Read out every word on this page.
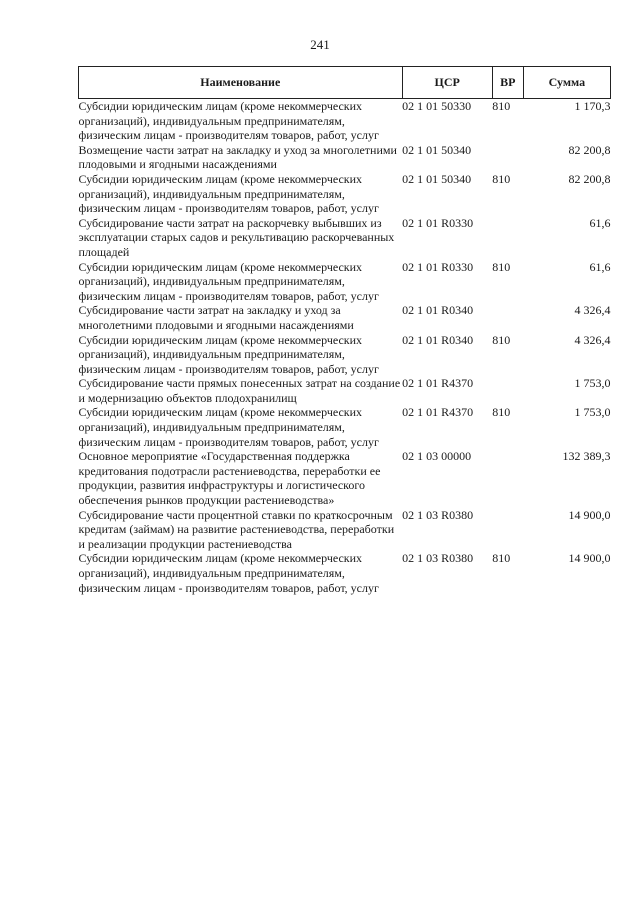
241
Наименование	ЦСР	ВР	Сумма
Субсидии юридическим лицам (кроме некоммерческих организаций), индивидуальным предпринимателям, физическим лицам - производителям товаров, работ, услуг	02 1 01 50330	810	1 170,3
Возмещение части затрат на закладку и уход за многолетними плодовыми и ягодными насаждениями	02 1 01 50340		82 200,8
Субсидии юридическим лицам (кроме некоммерческих организаций), индивидуальным предпринимателям, физическим лицам - производителям товаров, работ, услуг	02 1 01 50340	810	82 200,8
Субсидирование части затрат на раскорчевку выбывших из эксплуатации старых садов и рекультивацию раскорчеванных площадей	02 1 01 R0330		61,6
Субсидии юридическим лицам (кроме некоммерческих организаций), индивидуальным предпринимателям, физическим лицам - производителям товаров, работ, услуг	02 1 01 R0330	810	61,6
Субсидирование части затрат на закладку и уход за многолетними плодовыми и ягодными насаждениями	02 1 01 R0340		4 326,4
Субсидии юридическим лицам (кроме некоммерческих организаций), индивидуальным предпринимателям, физическим лицам - производителям товаров, работ, услуг	02 1 01 R0340	810	4 326,4
Субсидирование части прямых понесенных затрат на создание и модернизацию объектов плодохранилищ	02 1 01 R4370		1 753,0
Субсидии юридическим лицам (кроме некоммерческих организаций), индивидуальным предпринимателям, физическим лицам - производителям товаров, работ, услуг	02 1 01 R4370	810	1 753,0
Основное мероприятие «Государственная поддержка кредитования подотрасли растениеводства, переработки ее продукции, развития инфраструктуры и логистического обеспечения рынков продукции растениеводства»	02 1 03 00000		132 389,3
Субсидирование части процентной ставки по краткосрочным кредитам (займам) на развитие растениеводства, переработки и реализации продукции растениеводства	02 1 03 R0380		14 900,0
Субсидии юридическим лицам (кроме некоммерческих организаций), индивидуальным предпринимателям, физическим лицам - производителям товаров, работ, услуг	02 1 03 R0380	810	14 900,0
